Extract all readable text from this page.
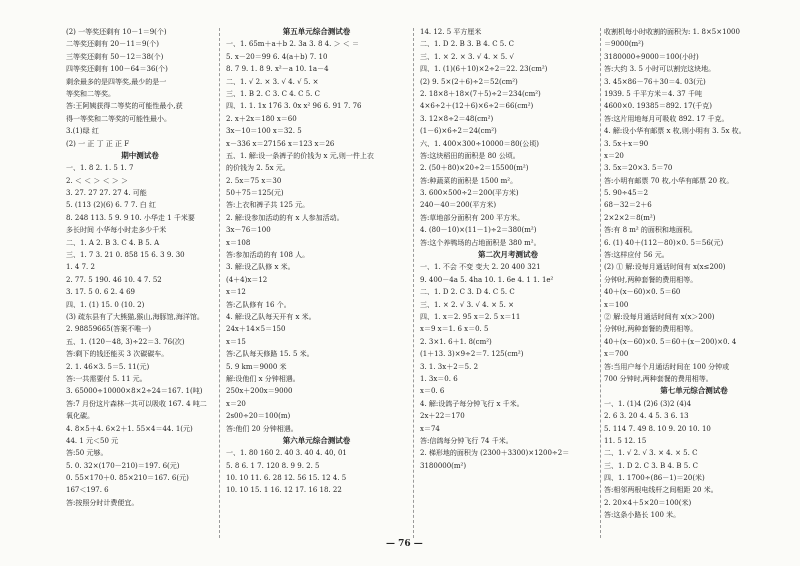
(2) 一等奖还剩有 10－1＝9(个)
二等奖还剩有 20－11＝9(个)
三等奖还剩有 50－12＝38(个)
四等奖还剩有 100－64＝36(个)
剩余最多的是四等奖,最少的是一
等奖和二等奖。
答:王阿姨获得二等奖的可能性最小,获
得一等奖和二等奖的可能性最小。
3.(1)绿 红
(2) 一 正 丁 正 正 F
期中测试卷
一、1. 8 2. 1. 5 1. 7
2. ＜ ＜ ＞ ＜ ＞ ＞
3. 27. 27 27. 27 4. 可能
5. (113 (2)(6) 6. 7 7. 白 红
8. 248 113. 5 9. 9 10. 小华走 1 千米要
多长时间 小华每小时走多少千米
二、1. A 2. B 3. C 4. B 5. A
三、1. 7 3. 21 0. 858 15 6. 3 9. 30
1. 4 7. 2
2. 77. 5 190. 46 10. 4 7. 52
3. 17. 5 0. 6 2. 4 69
四、1. (1) 15. 0 (10. 2)
(3) 疏东县有了大熊猫,猴山,海豚馆,海洋馆。
2. 98859665(答案不唯一)
五、1. (120－48, 3)÷22＝3. 76(次)
答:剩下的钱还能买 3 次碳碳车。
2. 1. 46×3. 5＝5. 11(元)
答:一共需要付 5. 11 元。
3. 65000÷10000×8×2÷24＝167. 1(吨)
答:7 月份这片森林一共可以吸收 167. 4 吨二
氧化碳。
4. 8×5＋4. 6×2＋1. 55×4＝44. 1(元)
44. 1 元＜50 元
答:50 元够。
5. 0. 32×(170－210)＝197. 6(元)
0. 55×170＋0. 85×210＝167. 6(元)
167＜197. 6
答:按照分时计费便宜。
第五单元综合测试卷
一、1. 65m＋a＋b 2. 3a 3. 8 4. ＞ ＜ ＝
5. x－20＝99 6. 4(a＋b) 7. 10
8. 7 9. 1. 8 9. x²－a 10. 1a－4
二、1. √ 2. × 3. √ 4. √ 5. ×
三、1. B 2. C 3. C 4. C 5. C
四、1. 1. 1x 176 3. 0x x² 96 6. 91 7. 76
2. x＋2x＝180 x＝60
3x－10＝100 x＝32. 5
x－336 x＝27156 x＝123 x＝26
五、1. 解:设一条裤子的价钱为 x 元,则一件上衣
的价钱为 2. 5x 元。
2. 5x＝75 x＝30
50＋75＝125(元)
答:上衣和裤子共 125 元。
2. 解:设参加活动的有 x 人参加活动。
3x－76＝100
x＝108
答:参加活动的有 108 人。
3. 解:设乙队修 x 米。
(4＋4)x＝12
x＝12
答:乙队修有 16 个。
4. 解:设乙队每天开有 x 米。
24x＋14×5＝150
x＝15
答:乙队每天修路 15. 5 米。
5. 9 km＝9000 米
解:设他们 x 分钟相遇。
250x＋200x＝9000
x＝20
2s00÷20＝100(m)
答:他们 20 分钟相遇。
第六单元综合测试卷
一、1. 80 160 2. 40 3. 40 4. 40, 01
5. 8 6. 1 7. 120 8. 9 9. 2. 5
10. 10 11. 6. 28 12. 56 15. 12 4. 5
10. 10 15. 1 16. 12 17. 16 18. 22
14. 12. 5 平方厘米
二、1. D 2. B 3. B 4. C 5. C
三、1. × 2. × 3. √ 4. × 5. √
四、1. (1)(6＋10)×2÷2＝22. 23(cm²)
(2) 9. 5×(2＋6)÷2＝52(cm²)
2. 18×8＋18×(7＋5)÷2＝234(cm²)
4×6÷2＋(12＋6)×6÷2＝66(cm²)
3. 12×8÷2＝48(cm²)
(1－6)×6÷2＝24(cm²)
六、1. 400×300÷10000＝80(公顷)
答:这块稻田的面积是 80 公顷。
2. (50＋80)×20÷2＝15500(m²)
答:种蔬菜的面积是 1500 m²。
3. 600×500÷2＝200(平方米)
240－40＝200(平方米)
答:草地部分面积有 200 平方米。
4. (80－10)×(11－1)÷2＝380(m²)
答:这个养鸭场的占地面积是 380 m²。
第二次月考测试卷
一、1. 不会 不变 变大 2. 20 400 321
9. 400－4a 5. 4ha 10. 1. 6e 4. 1 1. 1e²
二、1. D 2. C 3. D 4. C 5. C
三、1. × 2. √ 3. √ 4. × 5. ×
四、1. x＝2. 95 x＝2. 5 x＝11
x＝9 x＝1. 6 x＝0. 5
2. 3×1. 6＋1. 8(cm²)
(1＋13. 3)×9÷2＝7. 125(cm²)
3. 1. 3x＋2＝5. 2
1. 3x＝0. 6
x＝0. 6
4. 解:设鸽子每分钟飞行 x 千米。
2x＋22＝170
x＝74
答:信鸽每分钟飞行 74 千米。
2. 梯形地的面积为 (2300＋3300)×1200÷2＝
3180000(m²)
收割机每小时收割的面积为: 1. 8×5×1000
＝9000(m²)
3180000÷9000＝100(小时)
答:大约 3. 5 小时可以割完这块地。
3. 45×86－76＋30＝4. 03(元)
1939. 5 千平方米＝4. 37 千吨
4600×0. 19385＝892. 17(千克)
答:这片用地每月可吸收 892. 17 千克。
4. 解:设小华有邮票 x 枚,则小明有 3. 5x 枚。
3. 5x＋x＝90
x＝20
3. 5x＝20×3. 5＝70
答:小明有邮票 70 枚,小华有邮票 20 枚。
5. 90÷45＝2
68－32＝2＋6
2×2×2＝8(m²)
答:有 8 m² 的面积和地面积。
6. (1) 40＋(112－80)×0. 5＝56(元)
答:这样应付 56 元。
(2) ① 解:设每月通话时间有 x(x≤200)
分钟时,两种套餐的费用相等。
40＋(x－60)×0. 5＝60
x＝100
② 解:设每月通话时间有 x(x＞200)
分钟时,两种套餐的费用相等。
40＋(x－60)×0. 5＝60＋(x－200)×0. 4
x＝700
答:当用户每个月通话时间在 100 分钟或
700 分钟时,两种套餐的费用相等。
第七单元综合测试卷
一、1. (1)4 (2)6 (3)2 (4)4
2. 6 3. 20 4. 4 5. 3 6. 13
5. 114 7. 49 8. 10 9. 20 10. 10
11. 5 12. 15
二、1. √ 2. √ 3. × 4. × 5. C
三、1. D 2. C 3. B 4. B 5. C
四、1. 1700÷(86－1)＝20(米)
答:相邻两根电线杆之间相距 20 米。
2. 20×4＋5×20＝100(米)
答:这条小路长 100 米。
— 76 —
